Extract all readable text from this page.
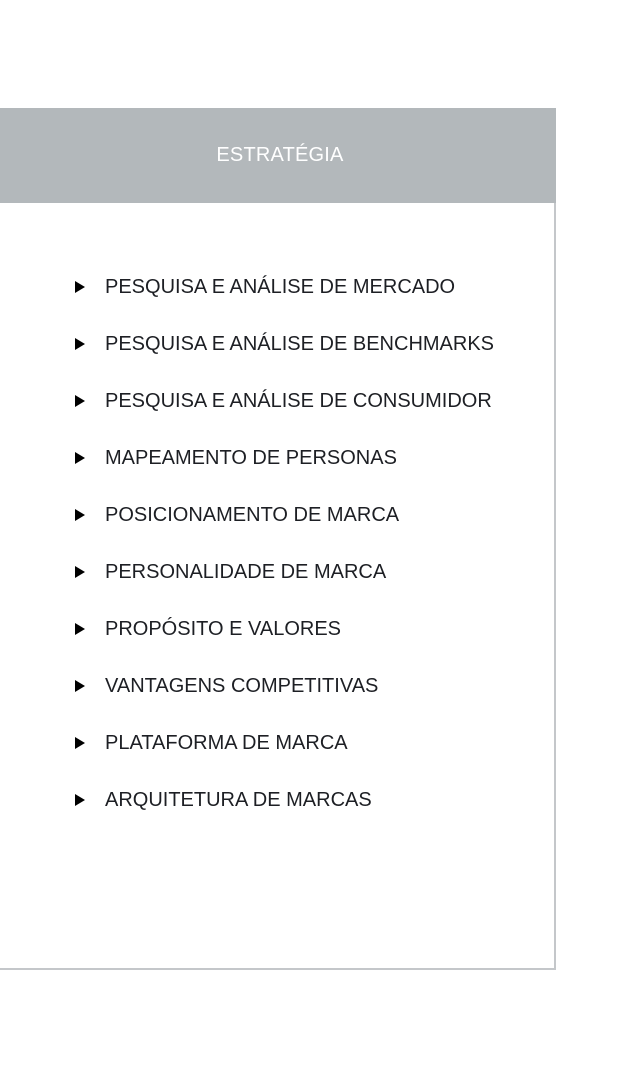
ESTRATÉGIA
PESQUISA E ANÁLISE DE MERCADO
PESQUISA E ANÁLISE DE BENCHMARKS
PESQUISA E ANÁLISE DE CONSUMIDOR
MAPEAMENTO DE PERSONAS
POSICIONAMENTO DE MARCA
PERSONALIDADE DE MARCA
PROPÓSITO E VALORES
VANTAGENS COMPETITIVAS
PLATAFORMA DE MARCA
ARQUITETURA DE MARCAS
